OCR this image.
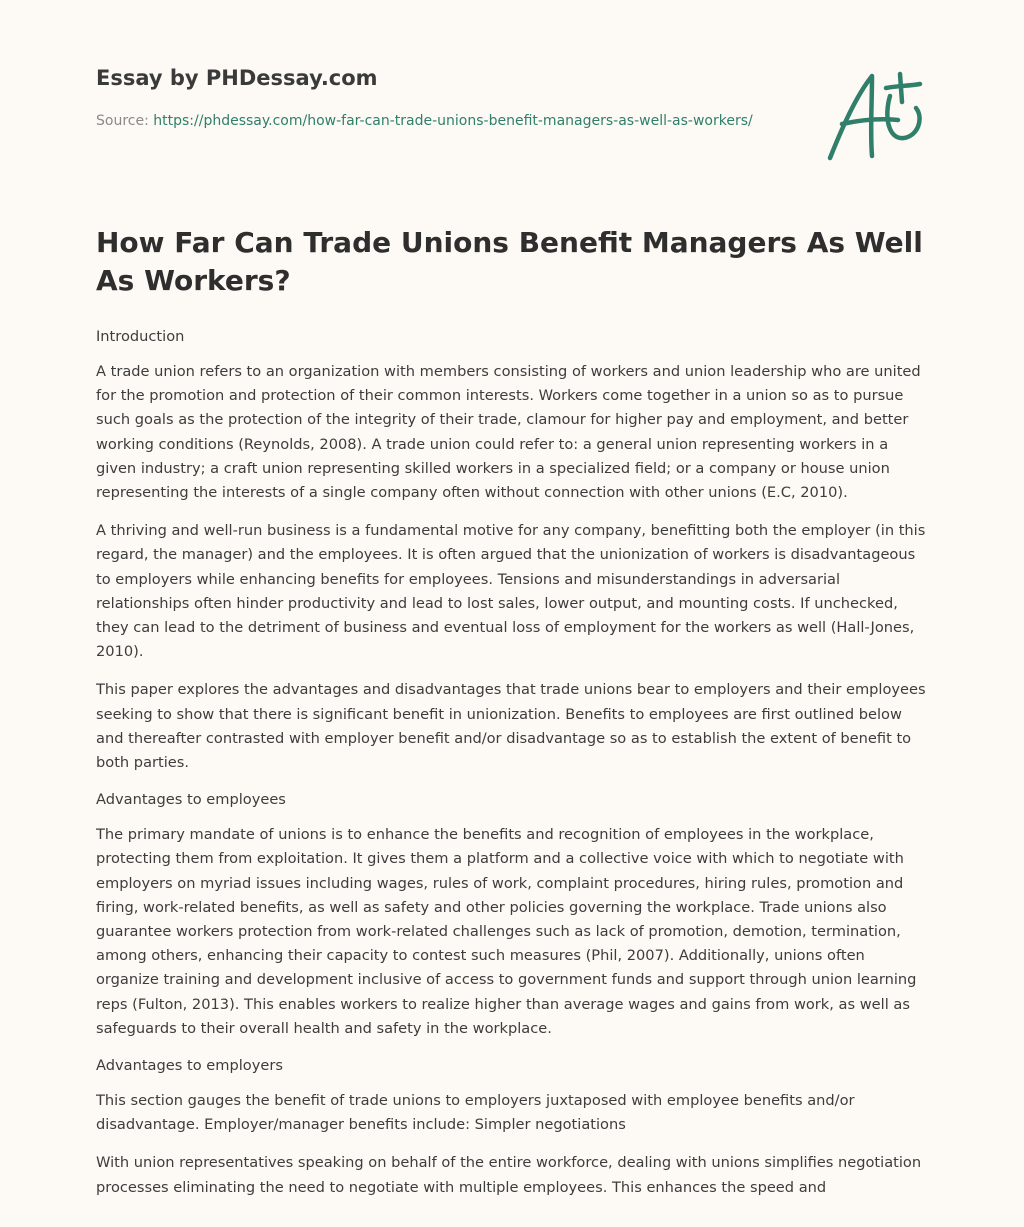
Essay by PHDessay.com

Source: https://phdessay.com/how-far-can-trade-unions-benefit-managers-as-well-as-workers/
How Far Can Trade Unions Benefit Managers As Well As Workers?

Introduction

A trade union refers to an organization with members consisting of workers and union leadership who are united for the promotion and protection of their common interests. Workers come together in a union so as to pursue such goals as the protection of the integrity of their trade, clamour for higher pay and employment, and better working conditions (Reynolds, 2008). A trade union could refer to: a general union representing workers in a given industry; a craft union representing skilled workers in a specialized field; or a company or house union representing the interests of a single company often without connection with other unions (E.C, 2010).

A thriving and well-run business is a fundamental motive for any company, benefitting both the employer (in this regard, the manager) and the employees. It is often argued that the unionization of workers is disadvantageous to employers while enhancing benefits for employees. Tensions and misunderstandings in adversarial relationships often hinder productivity and lead to lost sales, lower output, and mounting costs. If unchecked, they can lead to the detriment of business and eventual loss of employment for the workers as well (Hall-Jones, 2010).

This paper explores the advantages and disadvantages that trade unions bear to employers and their employees seeking to show that there is significant benefit in unionization. Benefits to employees are first outlined below and thereafter contrasted with employer benefit and/or disadvantage so as to establish the extent of benefit to both parties.

Advantages to employees

The primary mandate of unions is to enhance the benefits and recognition of employees in the workplace, protecting them from exploitation. It gives them a platform and a collective voice with which to negotiate with employers on myriad issues including wages, rules of work, complaint procedures, hiring rules, promotion and firing, work-related benefits, as well as safety and other policies governing the workplace. Trade unions also guarantee workers protection from work-related challenges such as lack of promotion, demotion, termination, among others, enhancing their capacity to contest such measures (Phil, 2007). Additionally, unions often organize training and development inclusive of access to government funds and support through union learning reps (Fulton, 2013). This enables workers to realize higher than average wages and gains from work, as well as safeguards to their overall health and safety in the workplace.

Advantages to employers

This section gauges the benefit of trade unions to employers juxtaposed with employee benefits and/or disadvantage. Employer/manager benefits include: Simpler negotiations

With union representatives speaking on behalf of the entire workforce, dealing with unions simplifies negotiation processes eliminating the need to negotiate with multiple employees. This enhances the speed and
